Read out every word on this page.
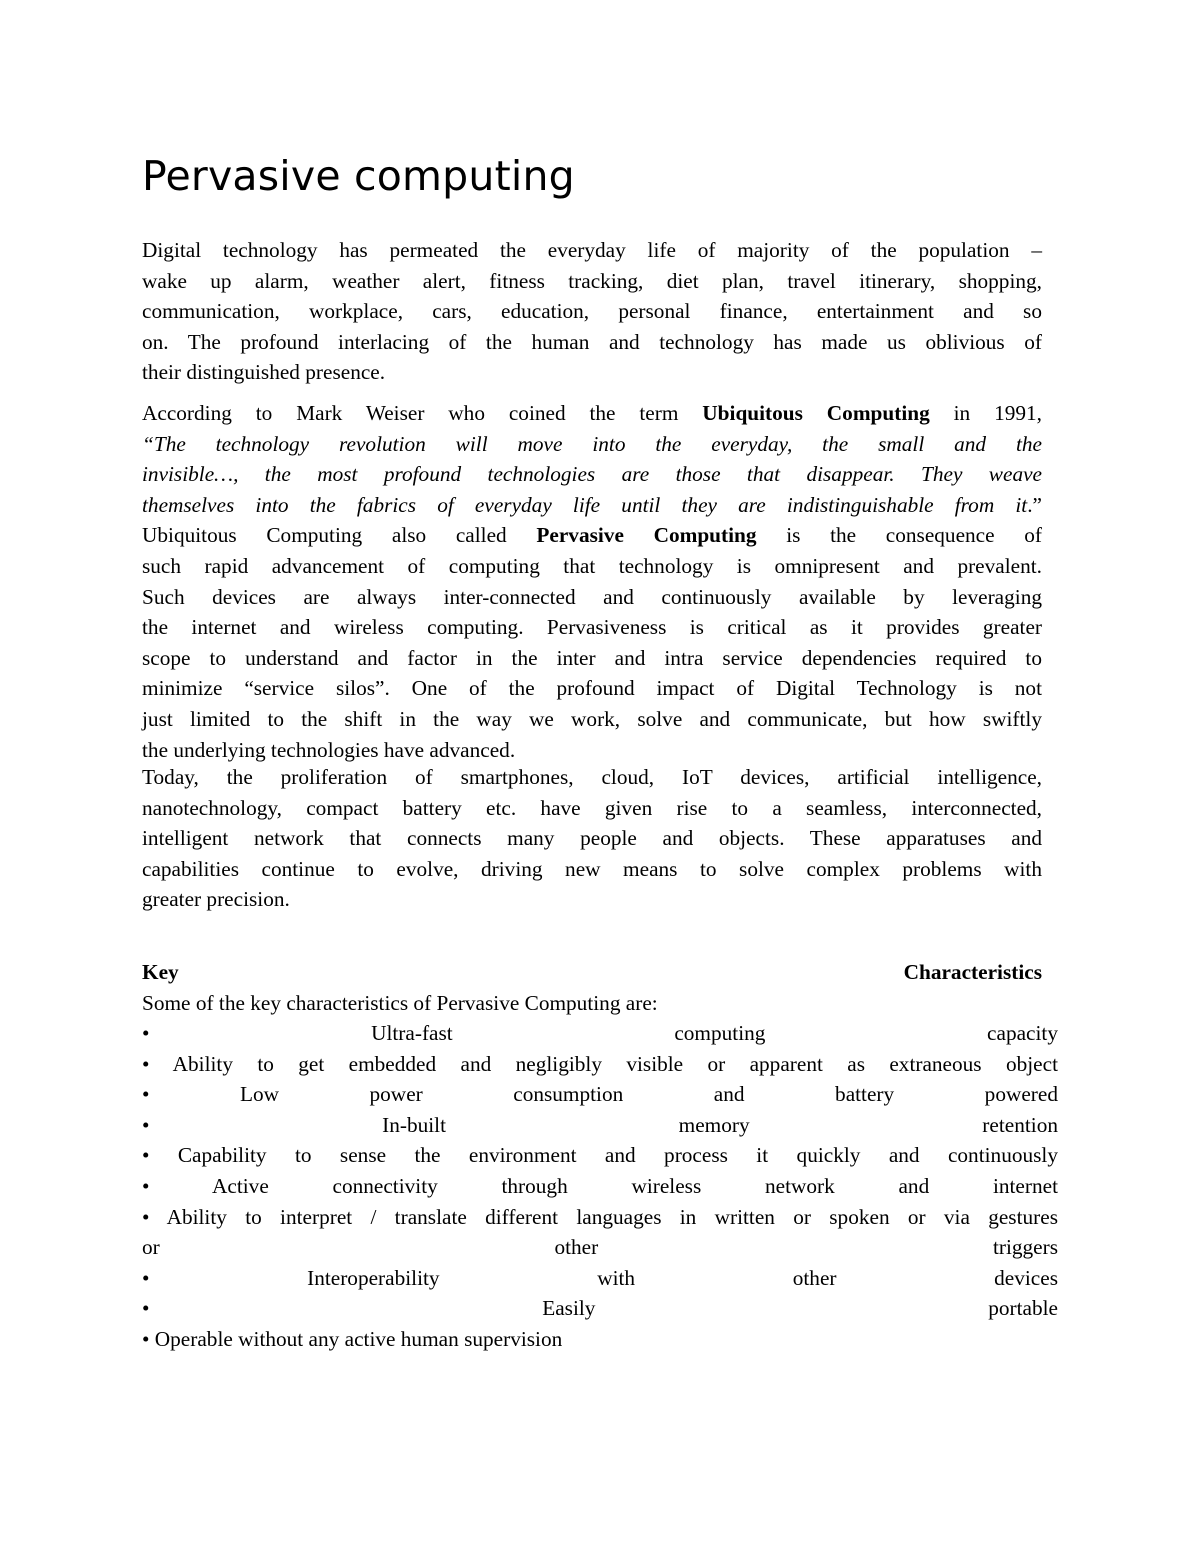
Pervasive computing
Digital technology has permeated the everyday life of majority of the population –
wake up alarm, weather alert, fitness tracking, diet plan, travel itinerary, shopping,
communication, workplace, cars, education, personal finance, entertainment and so
on. The profound interlacing of the human and technology has made us oblivious of
their distinguished presence.
According to Mark Weiser who coined the term Ubiquitous Computing in 1991,
“The technology revolution will move into the everyday, the small and the
invisible…, the most profound technologies are those that disappear. They weave
themselves into the fabrics of everyday life until they are indistinguishable from it.”
Ubiquitous Computing also called Pervasive Computing is the consequence of
such rapid advancement of computing that technology is omnipresent and prevalent.
Such devices are always inter-connected and continuously available by leveraging
the internet and wireless computing. Pervasiveness is critical as it provides greater
scope to understand and factor in the inter and intra service dependencies required to
minimize “service silos”. One of the profound impact of Digital Technology is not
just limited to the shift in the way we work, solve and communicate, but how swiftly
the underlying technologies have advanced.
Today, the proliferation of smartphones, cloud, IoT devices, artificial intelligence,
nanotechnology, compact battery etc. have given rise to a seamless, interconnected,
intelligent network that connects many people and objects. These apparatuses and
capabilities continue to evolve, driving new means to solve complex problems with
greater precision.
Key	Characteristics

Some of the key characteristics of Pervasive Computing are:

• Ultra-fast computing capacity
• Ability to get embedded and negligibly visible or apparent as extraneous object
• Low power consumption and battery powered
• In-built memory retention
• Capability to sense the environment and process it quickly and continuously
• Active connectivity through wireless network and internet
• Ability to interpret / translate different languages in written or spoken or via gestures
or other triggers
• Interoperability with other devices
• Easily portable
• Operable without any active human supervision
